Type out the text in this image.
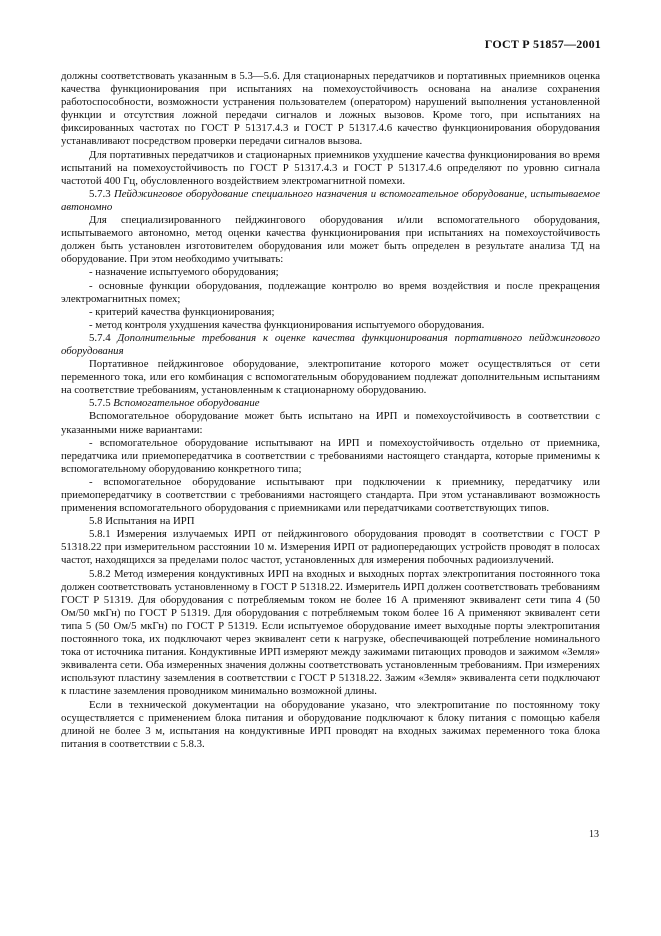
ГОСТ Р 51857—2001

должны соответствовать указанным в 5.3—5.6. Для стационарных передатчиков и портативных приемников оценка качества функционирования при испытаниях на помехоустойчивость основана на анализе сохранения работоспособности, возможности устранения пользователем (оператором) нарушений выполнения установленной функции и отсутствия ложной передачи сигналов и ложных вызовов. Кроме того, при испытаниях на фиксированных частотах по ГОСТ Р 51317.4.3 и ГОСТ Р 51317.4.6 качество функционирования оборудования устанавливают посредством проверки передачи сигналов вызова.

Для портативных передатчиков и стационарных приемников ухудшение качества функционирования во время испытаний на помехоустойчивость по ГОСТ Р 51317.4.3 и ГОСТ Р 51317.4.6 определяют по уровню сигнала частотой 400 Гц, обусловленного воздействием электромагнитной помехи.

5.7.3 Пейджинговое оборудование специального назначения и вспомогательное оборудование, испытываемое автономно

Для специализированного пейджингового оборудования и/или вспомогательного оборудования, испытываемого автономно, метод оценки качества функционирования при испытаниях на помехоустойчивость должен быть установлен изготовителем оборудования или может быть определен в результате анализа ТД на оборудование. При этом необходимо учитывать:

- назначение испытуемого оборудования;

- основные функции оборудования, подлежащие контролю во время воздействия и после прекращения электромагнитных помех;

- критерий качества функционирования;

- метод контроля ухудшения качества функционирования испытуемого оборудования.

5.7.4 Дополнительные требования к оценке качества функционирования портативного пейджингового оборудования

Портативное пейджинговое оборудование, электропитание которого может осуществляться от сети переменного тока, или его комбинация с вспомогательным оборудованием подлежат дополнительным испытаниям на соответствие требованиям, установленным к стационарному оборудованию.

5.7.5 Вспомогательное оборудование

Вспомогательное оборудование может быть испытано на ИРП и помехоустойчивость в соответствии с указанными ниже вариантами:

- вспомогательное оборудование испытывают на ИРП и помехоустойчивость отдельно от приемника, передатчика или приемопередатчика в соответствии с требованиями настоящего стандарта, которые применимы к вспомогательному оборудованию конкретного типа;

- вспомогательное оборудование испытывают при подключении к приемнику, передатчику или приемопередатчику в соответствии с требованиями настоящего стандарта. При этом устанавливают возможность применения вспомогательного оборудования с приемниками или передатчиками соответствующих типов.

5.8 Испытания на ИРП

5.8.1 Измерения излучаемых ИРП от пейджингового оборудования проводят в соответствии с ГОСТ Р 51318.22 при измерительном расстоянии 10 м. Измерения ИРП от радиопередающих устройств проводят в полосах частот, находящихся за пределами полос частот, установленных для измерения побочных радиоизлучений.

5.8.2 Метод измерения кондуктивных ИРП на входных и выходных портах электропитания постоянного тока должен соответствовать установленному в ГОСТ Р 51318.22. Измеритель ИРП должен соответствовать требованиям ГОСТ Р 51319. Для оборудования с потребляемым током не более 16 А применяют эквивалент сети типа 4 (50 Ом/50 мкГн) по ГОСТ Р 51319. Для оборудования с потребляемым током более 16 А применяют эквивалент сети типа 5 (50 Ом/5 мкГн) по ГОСТ Р 51319. Если испытуемое оборудование имеет выходные порты электропитания постоянного тока, их подключают через эквивалент сети к нагрузке, обеспечивающей потребление номинального тока от источника питания. Кондуктивные ИРП измеряют между зажимами питающих проводов и зажимом «Земля» эквивалента сети. Оба измеренных значения должны соответствовать установленным требованиям. При измерениях используют пластину заземления в соответствии с ГОСТ Р 51318.22. Зажим «Земля» эквивалента сети подключают к пластине заземления проводником минимально возможной длины.

Если в технической документации на оборудование указано, что электропитание по постоянному току осуществляется с применением блока питания и оборудование подключают к блоку питания с помощью кабеля длиной не более 3 м, испытания на кондуктивные ИРП проводят на входных зажимах переменного тока блока питания в соответствии с 5.8.3.

13
